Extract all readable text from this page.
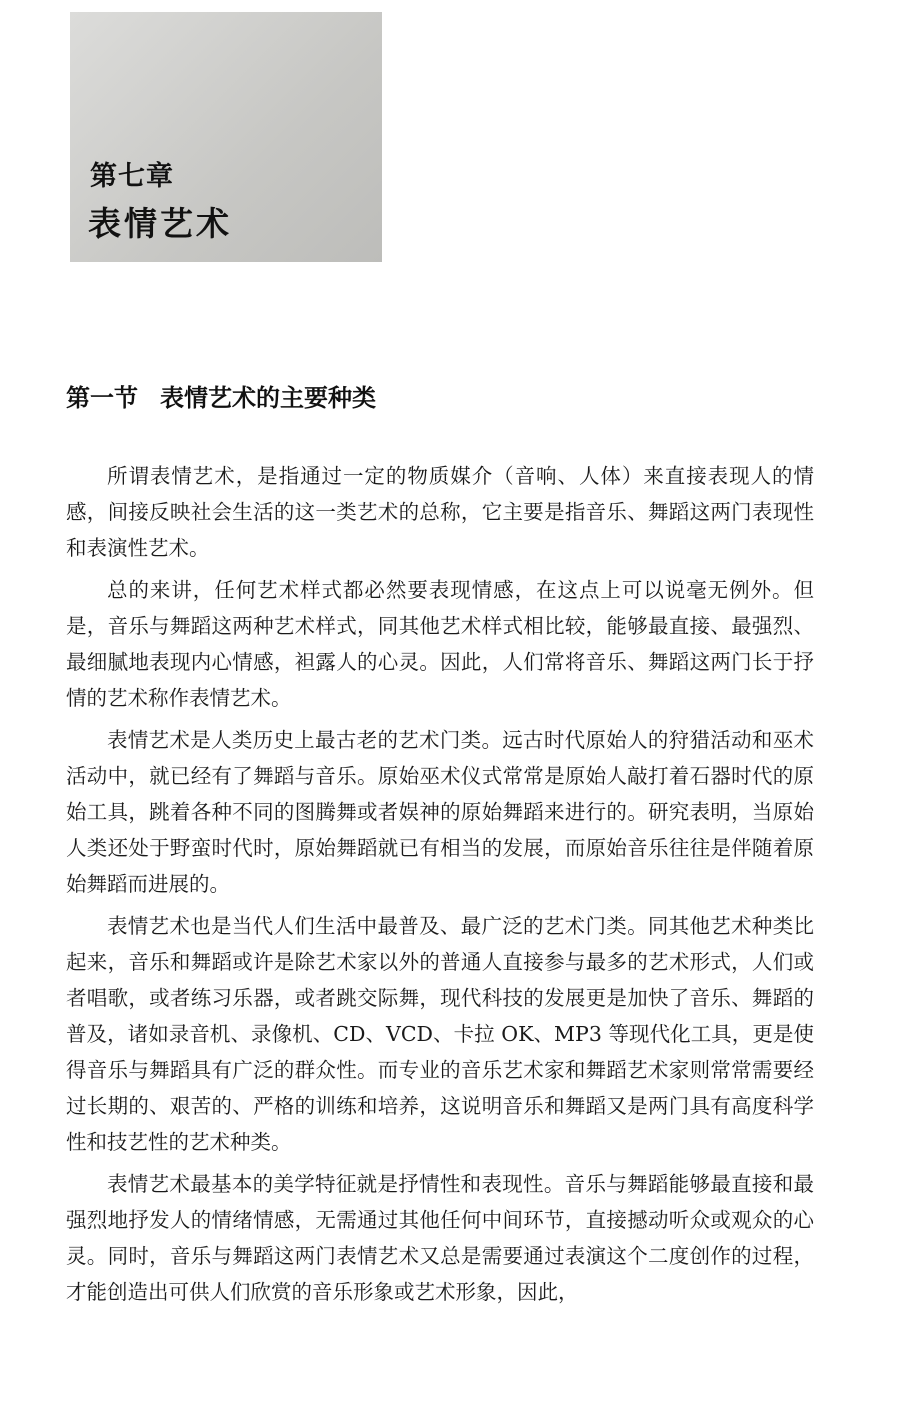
第七章
表情艺术
第一节 表情艺术的主要种类

所谓表情艺术，是指通过一定的物质媒介（音响、人体）来直接表现人的情感，间接反映社会生活的这一类艺术的总称，它主要是指音乐、舞蹈这两门表现性和表演性艺术。

总的来讲，任何艺术样式都必然要表现情感，在这点上可以说毫无例外。但是，音乐与舞蹈这两种艺术样式，同其他艺术样式相比较，能够最直接、最强烈、最细腻地表现内心情感，袒露人的心灵。因此，人们常将音乐、舞蹈这两门长于抒情的艺术称作表情艺术。

表情艺术是人类历史上最古老的艺术门类。远古时代原始人的狩猎活动和巫术活动中，就已经有了舞蹈与音乐。原始巫术仪式常常是原始人敲打着石器时代的原始工具，跳着各种不同的图腾舞或者娱神的原始舞蹈来进行的。研究表明，当原始人类还处于野蛮时代时，原始舞蹈就已有相当的发展，而原始音乐往往是伴随着原始舞蹈而进展的。

表情艺术也是当代人们生活中最普及、最广泛的艺术门类。同其他艺术种类比起来，音乐和舞蹈或许是除艺术家以外的普通人直接参与最多的艺术形式，人们或者唱歌，或者练习乐器，或者跳交际舞，现代科技的发展更是加快了音乐、舞蹈的普及，诸如录音机、录像机、CD、VCD、卡拉 OK、MP3 等现代化工具，更是使得音乐与舞蹈具有广泛的群众性。而专业的音乐艺术家和舞蹈艺术家则常常需要经过长期的、艰苦的、严格的训练和培养，这说明音乐和舞蹈又是两门具有高度科学性和技艺性的艺术种类。

表情艺术最基本的美学特征就是抒情性和表现性。音乐与舞蹈能够最直接和最强烈地抒发人的情绪情感，无需通过其他任何中间环节，直接撼动听众或观众的心灵。同时，音乐与舞蹈这两门表情艺术又总是需要通过表演这个二度创作的过程，才能创造出可供人们欣赏的音乐形象或艺术形象，因此，
